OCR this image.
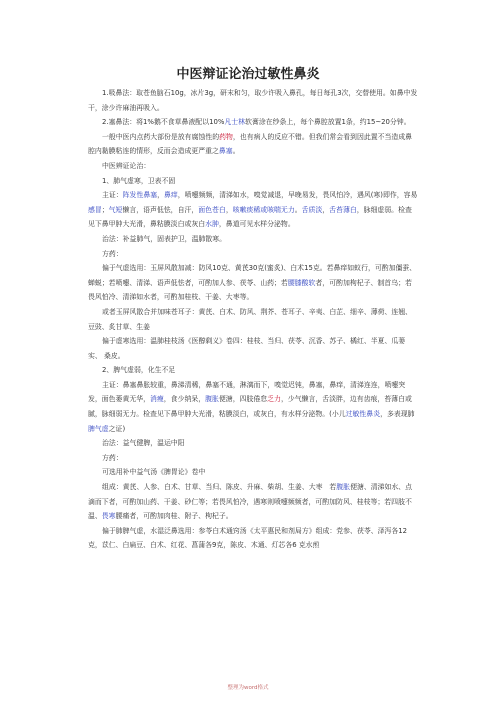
中医辩证论治过敏性鼻炎

1.吸鼻法：取苍鱼脑石10g，冰片3g，研末和匀，取少许吸入鼻孔，每日每孔3次，交替使用。如鼻中发干，涂少许麻油再吸入。

2.塞鼻法：将1%鹅不食草鼻液配以10%凡士林软膏涂在纱条上，每个鼻腔放置1条，约15~20分钟。

一般中医内点药大部份是放有腐蚀性的药物，也有病人的反应不错。但我们常会看到因此置不当造成鼻腔内黏膜粘连的情形，反而会造成更严重之鼻塞。

中医辨证论治：

1、肺气虚寒，卫表不固

主证：阵发性鼻塞，鼻痒，喷嚏频频，清涕如水，嗅觉减退，早晚易发，畏风怕冷，遇风(寒)即作，容易感冒；气短懒言，语声低怯，自汗，面色苍白，咳嗽痰稀或咳喘无力。舌质淡，舌苔薄白，脉细虚弱。检查见下鼻甲肿大光滑，鼻粘膜淡白或灰白水肿，鼻道可见水样分泌物。

治法：补益肺气，固表护卫，温肺散寒。

方药：

偏于气虚选用：玉屏风散加减：防风10克、黄芪30克(蜜炙)、白术15克。若鼻痒如蚁行，可酌加僵蚕、蝉蜕；若喷嚏、清涕、语声低怯者，可酌加人参、茯苓、山药；若腰膝酸软者，可酌加枸杞子、制首乌；若畏风怕冷、清涕如水者，可酌加桂枝、干姜、大枣等。

或者玉屏风散合并加味苍耳子：黄芪、白术、防风、荆芥、苍耳子、辛夷、白芷、细辛、薄荷、连翘、豆豉、炙甘草、生姜

偏于虚寒选用：温肺桂枝汤《医醇剩义》卷四：桂枝、当归、茯苓、沉香、苏子、橘红、半夏、瓜蒌实、 桑皮。

2、脾气虚弱，化生不足

主证：鼻塞鼻胀较重，鼻涕清稀，鼻塞不通，淋漓而下，嗅觉迟钝，鼻塞，鼻痒，清涕连连，喷嚏突发，面色萎黄无华，消瘦，食少纳呆，腹胀便溏，四肢倦怠乏力，少气懒言，舌淡胖，边有齿痕，苔薄白或腻，脉细弱无力。检查见下鼻甲肿大光滑，粘膜淡白，或灰白，有水样分泌物。(小儿过敏性鼻炎，多表现肺脾气虚之证)

治法：益气健脾，温运中阳

方药：

可选用补中益气汤《脾胃论》卷中

组成：黄芪、人参、白术、甘草、当归、陈皮、升麻、柴胡、生姜、大枣　若腹胀便溏、清涕如水、点滴而下者，可酌加山药、干姜、砂仁等；若畏风怕冷，遇寒则喷嚏频频者，可酌加防风、桂枝等；若四肢不温、畏寒腰痛者，可酌加肉桂、附子、枸杞子。

偏于肺脾气虚，水湿泛鼻选用：参苓白术通窍汤《太平惠民和剂局方》组成：党参、茯苓、泽泻各12克，苡仁、白扁豆、白术、红花、菖蒲各9克，陈皮、木通、灯芯各6 克水煎

整理为word格式
